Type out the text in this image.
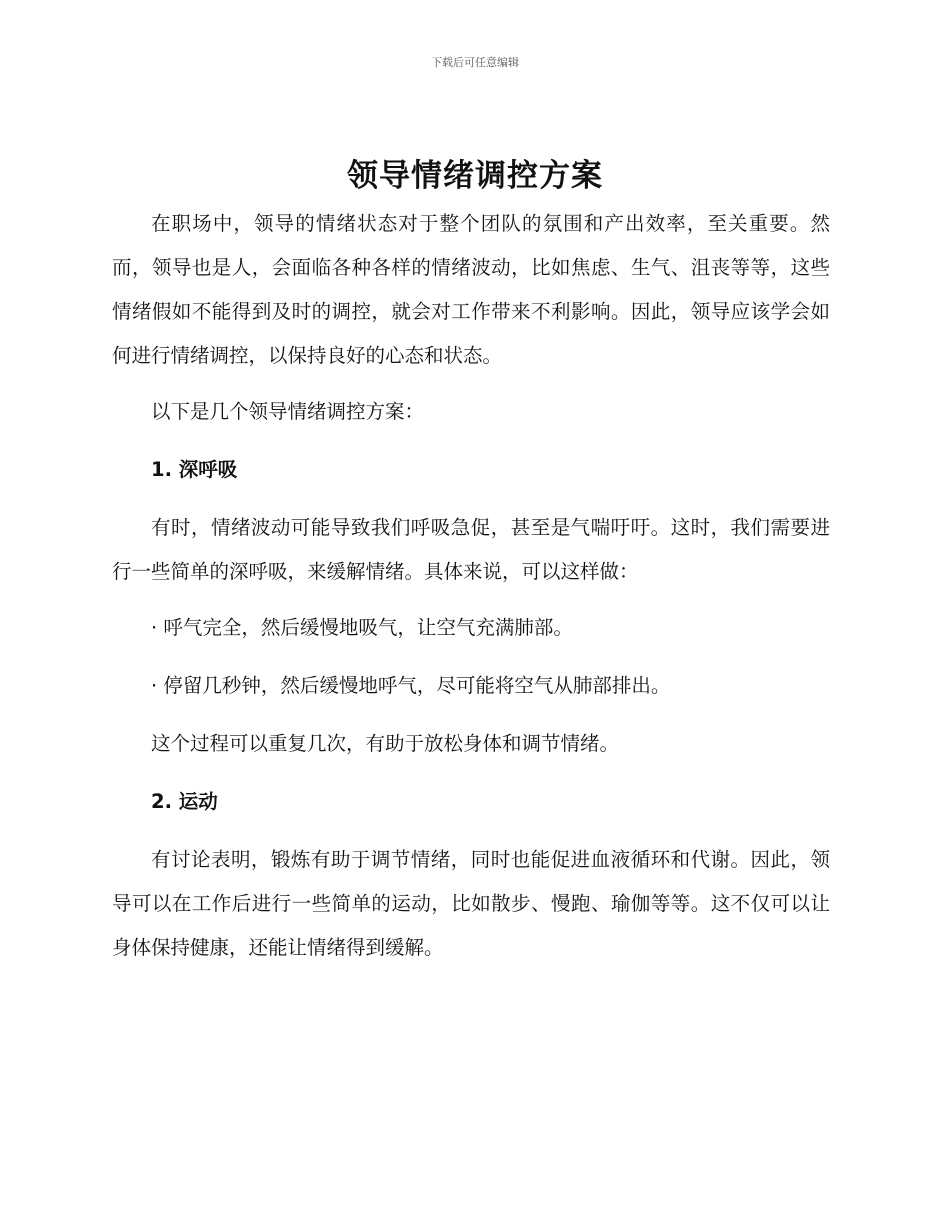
下载后可任意编辑
领导情绪调控方案

在职场中，领导的情绪状态对于整个团队的氛围和产出效率，至关重要。然而，领导也是人，会面临各种各样的情绪波动，比如焦虑、生气、沮丧等等，这些情绪假如不能得到及时的调控，就会对工作带来不利影响。因此，领导应该学会如何进行情绪调控，以保持良好的心态和状态。

以下是几个领导情绪调控方案：

1. 深呼吸

有时，情绪波动可能导致我们呼吸急促，甚至是气喘吁吁。这时，我们需要进行一些简单的深呼吸，来缓解情绪。具体来说，可以这样做：

· 呼气完全，然后缓慢地吸气，让空气充满肺部。

· 停留几秒钟，然后缓慢地呼气，尽可能将空气从肺部排出。

这个过程可以重复几次，有助于放松身体和调节情绪。

2. 运动

有讨论表明，锻炼有助于调节情绪，同时也能促进血液循环和代谢。因此，领导可以在工作后进行一些简单的运动，比如散步、慢跑、瑜伽等等。这不仅可以让身体保持健康，还能让情绪得到缓解。
